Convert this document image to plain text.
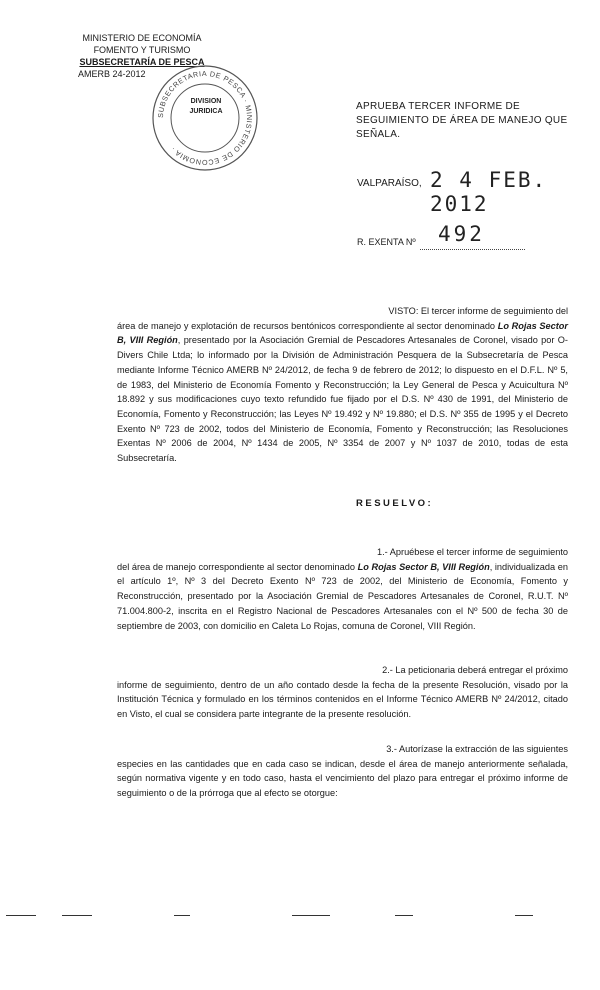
MINISTERIO DE ECONOMÍA
FOMENTO Y TURISMO
SUBSECRETARÍA DE PESCA
AMERB 24-2012
SUBSECRETARIA DE PESCA · MINISTERIO DE ECONOMIA ·
DIVISION JURIDICA	APRUEBA TERCER INFORME DE SEGUIMIENTO DE ÁREA DE MANEJO QUE SEÑALA.
VALPARAÍSO, 2 4 FEB. 2012
R. EXENTA Nº 492
VISTO: El tercer informe de seguimiento del
área de manejo y explotación de recursos bentónicos correspondiente al sector denominado Lo Rojas Sector B, VIII Región, presentado por la Asociación Gremial de Pescadores Artesanales de Coronel, visado por O-Divers Chile Ltda; lo informado por la División de Administración Pesquera de la Subsecretaría de Pesca mediante Informe Técnico AMERB Nº 24/2012, de fecha 9 de febrero de 2012; lo dispuesto en el D.F.L. Nº 5, de 1983, del Ministerio de Economía Fomento y Reconstrucción; la Ley General de Pesca y Acuicultura Nº 18.892 y sus modificaciones cuyo texto refundido fue fijado por el D.S. Nº 430 de 1991, del Ministerio de Economía, Fomento y Reconstrucción; las Leyes Nº 19.492 y Nº 19.880; el D.S. Nº 355 de 1995 y el Decreto Exento Nº 723 de 2002, todos del Ministerio de Economía, Fomento y Reconstrucción; las Resoluciones Exentas Nº 2006 de 2004, Nº 1434 de 2005, Nº 3354 de 2007 y Nº 1037 de 2010, todas de esta Subsecretaría.
RESUELVO:
1.- Apruébese el tercer informe de seguimiento
del área de manejo correspondiente al sector denominado Lo Rojas Sector B, VIII Región, individualizada en el artículo 1º, Nº 3 del Decreto Exento Nº 723 de 2002, del Ministerio de Economía, Fomento y Reconstrucción, presentado por la Asociación Gremial de Pescadores Artesanales de Coronel, R.U.T. Nº 71.004.800-2, inscrita en el Registro Nacional de Pescadores Artesanales con el Nº 500 de fecha 30 de septiembre de 2003, con domicilio en Caleta Lo Rojas, comuna de Coronel, VIII Región.
2.- La peticionaria deberá entregar el próximo
informe de seguimiento, dentro de un año contado desde la fecha de la presente Resolución, visado por la Institución Técnica y formulado en los términos contenidos en el Informe Técnico AMERB Nº 24/2012, citado en Visto, el cual se considera parte integrante de la presente resolución.
3.- Autorízase la extracción de las siguientes
especies en las cantidades que en cada caso se indican, desde el área de manejo anteriormente señalada, según normativa vigente y en todo caso, hasta el vencimiento del plazo para entregar el próximo informe de seguimiento o de la prórroga que al efecto se otorgue:
